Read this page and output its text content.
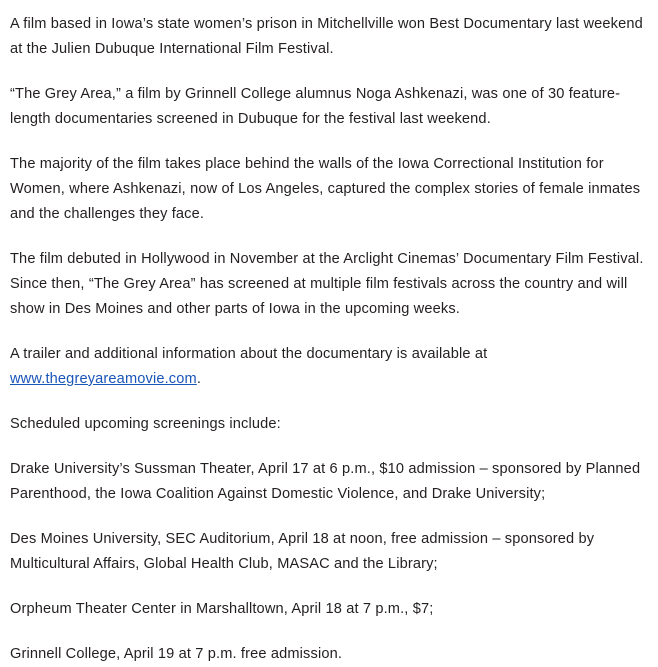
A film based in Iowa’s state women’s prison in Mitchellville won Best Documentary last weekend at the Julien Dubuque International Film Festival.

“The Grey Area,” a film by Grinnell College alumnus Noga Ashkenazi, was one of 30 feature-length documentaries screened in Dubuque for the festival last weekend.

The majority of the film takes place behind the walls of the Iowa Correctional Institution for Women, where Ashkenazi, now of Los Angeles, captured the complex stories of female inmates and the challenges they face.

The film debuted in Hollywood in November at the Arclight Cinemas’ Documentary Film Festival. Since then, “The Grey Area” has screened at multiple film festivals across the country and will show in Des Moines and other parts of Iowa in the upcoming weeks.

A trailer and additional information about the documentary is available at www.thegreyareamovie.com.

Scheduled upcoming screenings include:

Drake University’s Sussman Theater, April 17 at 6 p.m., $10 admission – sponsored by Planned Parenthood, the Iowa Coalition Against Domestic Violence, and Drake University;

Des Moines University, SEC Auditorium, April 18 at noon, free admission – sponsored by Multicultural Affairs, Global Health Club, MASAC and the Library;

Orpheum Theater Center in Marshalltown, April 18 at 7 p.m., $7;

Grinnell College, April 19 at 7 p.m. free admission.
